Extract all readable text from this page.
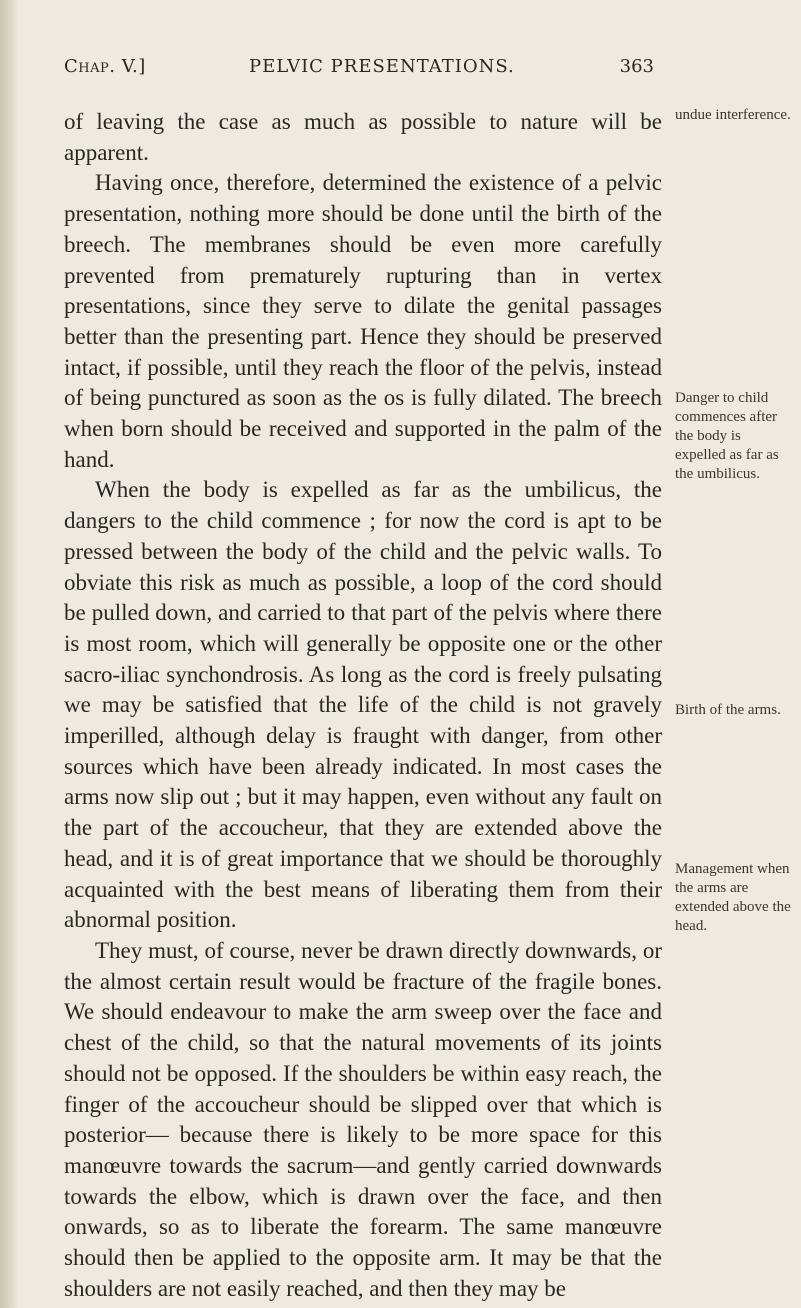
Chap. V.]	PELVIC PRESENTATIONS.	363

of leaving the case as much as possible to nature will be apparent.

Having once, therefore, determined the existence of a pelvic presentation, nothing more should be done until the birth of the breech. The membranes should be even more carefully prevented from prematurely rupturing than in vertex presentations, since they serve to dilate the genital passages better than the presenting part. Hence they should be preserved intact, if possible, until they reach the floor of the pelvis, instead of being punctured as soon as the os is fully dilated. The breech when born should be received and supported in the palm of the hand.

When the body is expelled as far as the umbilicus, the dangers to the child commence ; for now the cord is apt to be pressed between the body of the child and the pelvic walls. To obviate this risk as much as possible, a loop of the cord should be pulled down, and carried to that part of the pelvis where there is most room, which will generally be opposite one or the other sacro-iliac synchondrosis. As long as the cord is freely pulsating we may be satisfied that the life of the child is not gravely imperilled, although delay is fraught with danger, from other sources which have been already indicated. In most cases the arms now slip out ; but it may happen, even without any fault on the part of the accoucheur, that they are extended above the head, and it is of great importance that we should be thoroughly acquainted with the best means of liberating them from their abnormal position.

They must, of course, never be drawn directly downwards, or the almost certain result would be fracture of the fragile bones. We should endeavour to make the arm sweep over the face and chest of the child, so that the natural movements of its joints should not be opposed. If the shoulders be within easy reach, the finger of the accoucheur should be slipped over that which is posterior— because there is likely to be more space for this manœuvre towards the sacrum—and gently carried downwards towards the elbow, which is drawn over the face, and then onwards, so as to liberate the forearm. The same manœuvre should then be applied to the opposite arm. It may be that the shoulders are not easily reached, and then they may be

undue interference.

Danger to child commences after the body is expelled as far as the umbilicus.

Birth of the arms.

Management when the arms are extended above the head.
